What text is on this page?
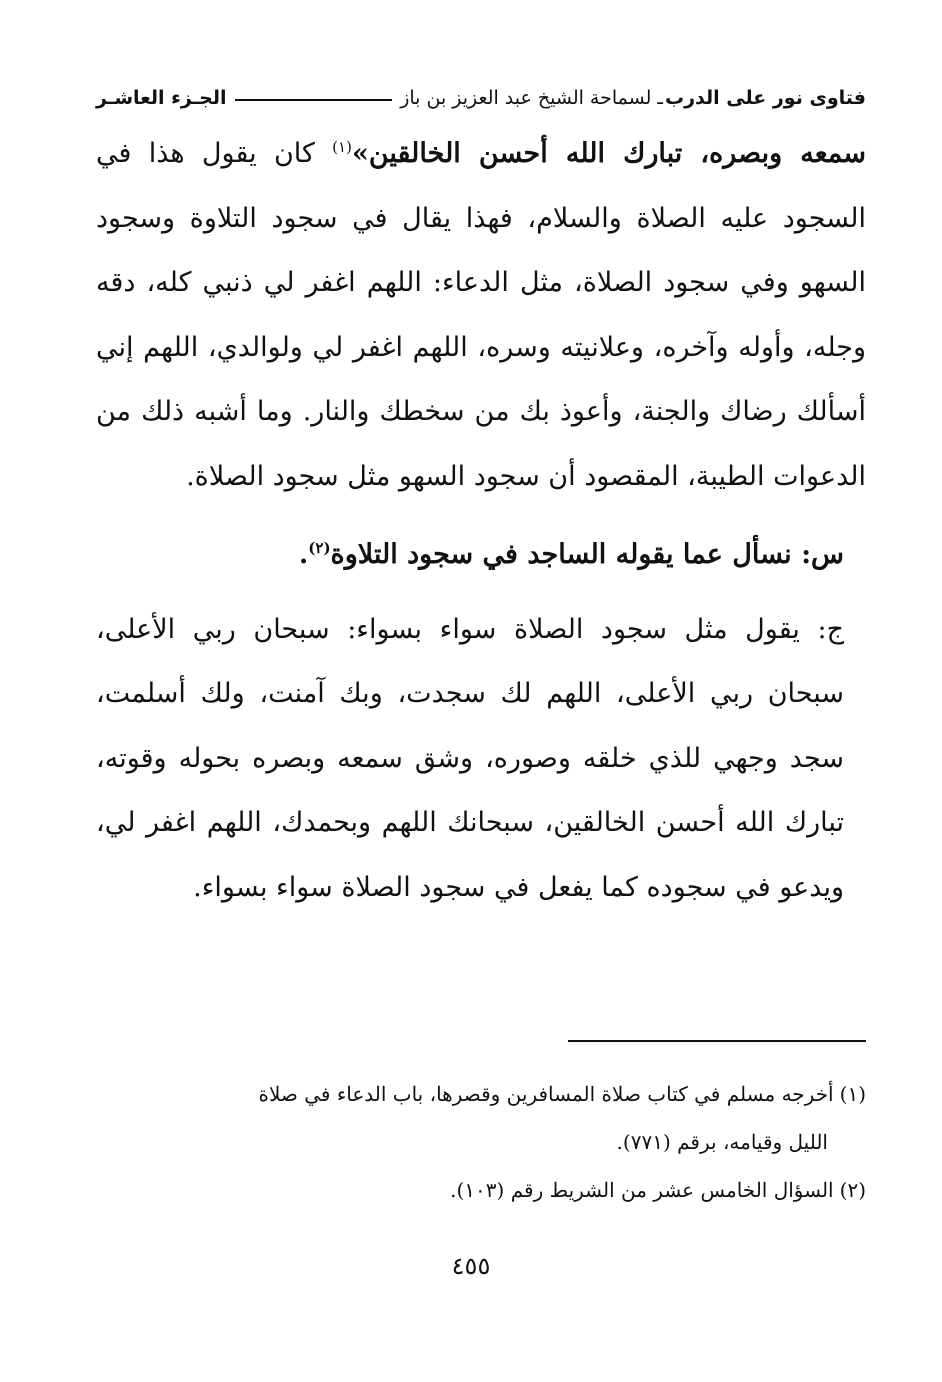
فتاوى نور على الدرب
ـ لسماحة الشيخ عبد العزيز بن باز
الجـزء العاشـر

سمعه وبصره، تبارك الله أحسن الخالقين»$^{(١)}$ كان يقول هذا في السجود عليه الصلاة والسلام، فهذا يقال في سجود التلاوة وسجود السهو وفي سجود الصلاة، مثل الدعاء: اللهم اغفر لي ذنبي كله، دقه وجله، وأوله وآخره، وعلانيته وسره، اللهم اغفر لي ولوالدي، اللهم إني أسألك رضاك والجنة، وأعوذ بك من سخطك والنار. وما أشبه ذلك من الدعوات الطيبة، المقصود أن سجود السهو مثل سجود الصلاة.

س: نسأل عما يقوله الساجد في سجود التلاوة$^{(٢)}$.

ج: يقول مثل سجود الصلاة سواء بسواء: سبحان ربي الأعلى، سبحان ربي الأعلى، اللهم لك سجدت، وبك آمنت، ولك أسلمت، سجد وجهي للذي خلقه وصوره، وشق سمعه وبصره بحوله وقوته، تبارك الله أحسن الخالقين، سبحانك اللهم وبحمدك، اللهم اغفر لي، ويدعو في سجوده كما يفعل في سجود الصلاة سواء بسواء.

(١)أخرجه مسلم في كتاب صلاة المسافرين وقصرها، باب الدعاء في صلاة
الليل وقيامه، برقم (٧٧١).

(٢)السؤال الخامس عشر من الشريط رقم (١٠٣).

٤٥٥
